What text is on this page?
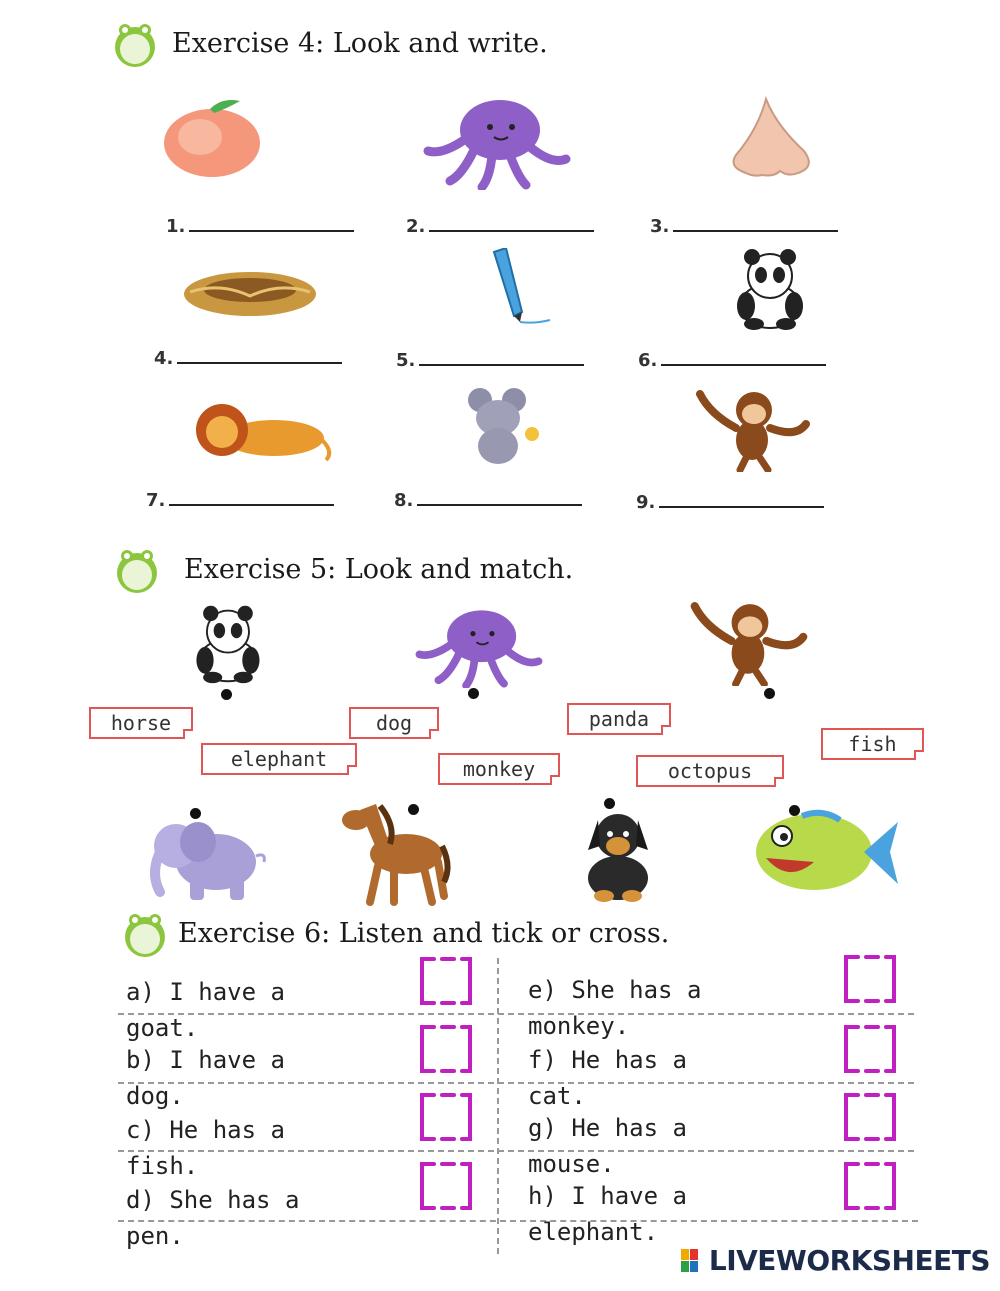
Exercise 4: Look and write.
1.	2.	3.
4.	5.	6.
7.	8.	9.
Exercise 5: Look and match.
horse
elephant
dog
monkey
panda
octopus
fish
Exercise 6: Listen and tick or cross.
a) I have a
goat.
b) I have a
dog.
c) He has a
fish.
d) She has a
pen.
e) She has a
monkey.
f) He has a
cat.
g) He has a
mouse.
h) I have a
elephant.
LIVEWORKSHEETS
